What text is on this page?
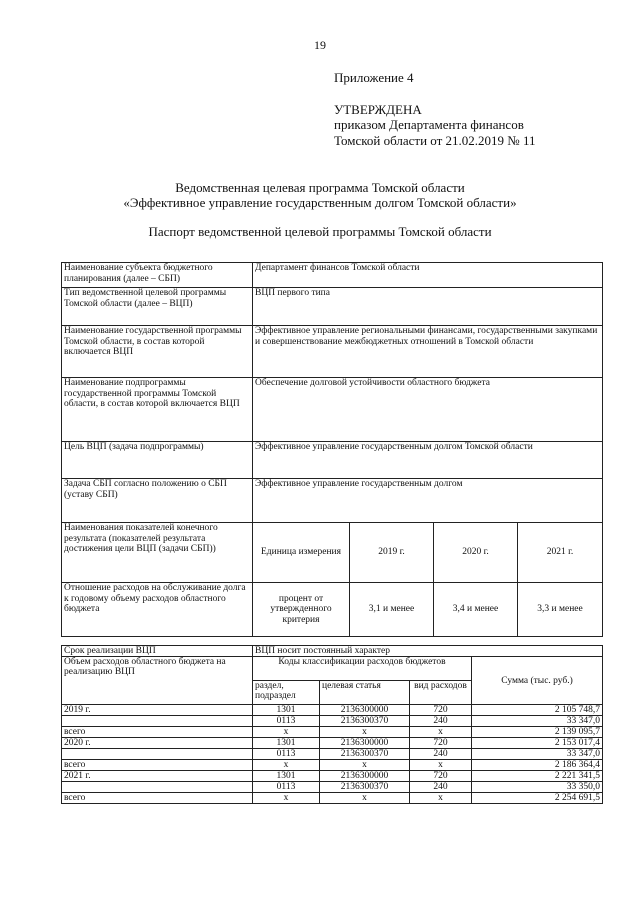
19
Приложение 4
УТВЕРЖДЕНА
приказом Департамента финансов
Томской области от 21.02.2019 № 11
Ведомственная целевая программа Томской области
«Эффективное управление государственным долгом Томской области»
Паспорт ведомственной целевой программы Томской области
Наименование субъекта бюджетного планирования (далее – СБП)	Департамент финансов Томской области			
Тип ведомственной целевой программы Томской области (далее – ВЦП)	ВЦП первого типа			
Наименование государственной программы Томской области, в состав которой включается ВЦП	Эффективное управление региональными финансами, государственными закупками и совершенствование межбюджетных отношений в Томской области			
Наименование подпрограммы государственной программы Томской области, в состав которой включается ВЦП	Обеспечение долговой устойчивости областного бюджета			
Цель ВЦП (задача подпрограммы)	Эффективное управление государственным долгом Томской области			
Задача СБП согласно положению о СБП (уставу СБП)	Эффективное управление государственным долгом			
Наименования показателей конечного результата (показателей результата достижения цели ВЦП (задачи СБП))	Единица измерения	2019 г.	2020 г.	2021 г.
Отношение расходов на обслуживание долга к годовому объему расходов областного бюджета	процент от утвержденного критерия	3,1 и менее	3,4 и менее	3,3 и менее
Срок реализации ВЦП	ВЦП носит постоянный характер			
Объем расходов областного бюджета на реализацию ВЦП	Коды классификации расходов бюджетов			Сумма (тыс. руб.)
	раздел, подраздел	целевая статья	вид расходов	
2019 г.	1301	2136300000	720	2 105 748,7
	0113	2136300370	240	33 347,0
всего	х	х	х	2 139 095,7
2020 г.	1301	2136300000	720	2 153 017,4
	0113	2136300370	240	33 347,0
всего	х	х	х	2 186 364,4
2021 г.	1301	2136300000	720	2 221 341,5
	0113	2136300370	240	33 350,0
всего	х	х	х	2 254 691,5
